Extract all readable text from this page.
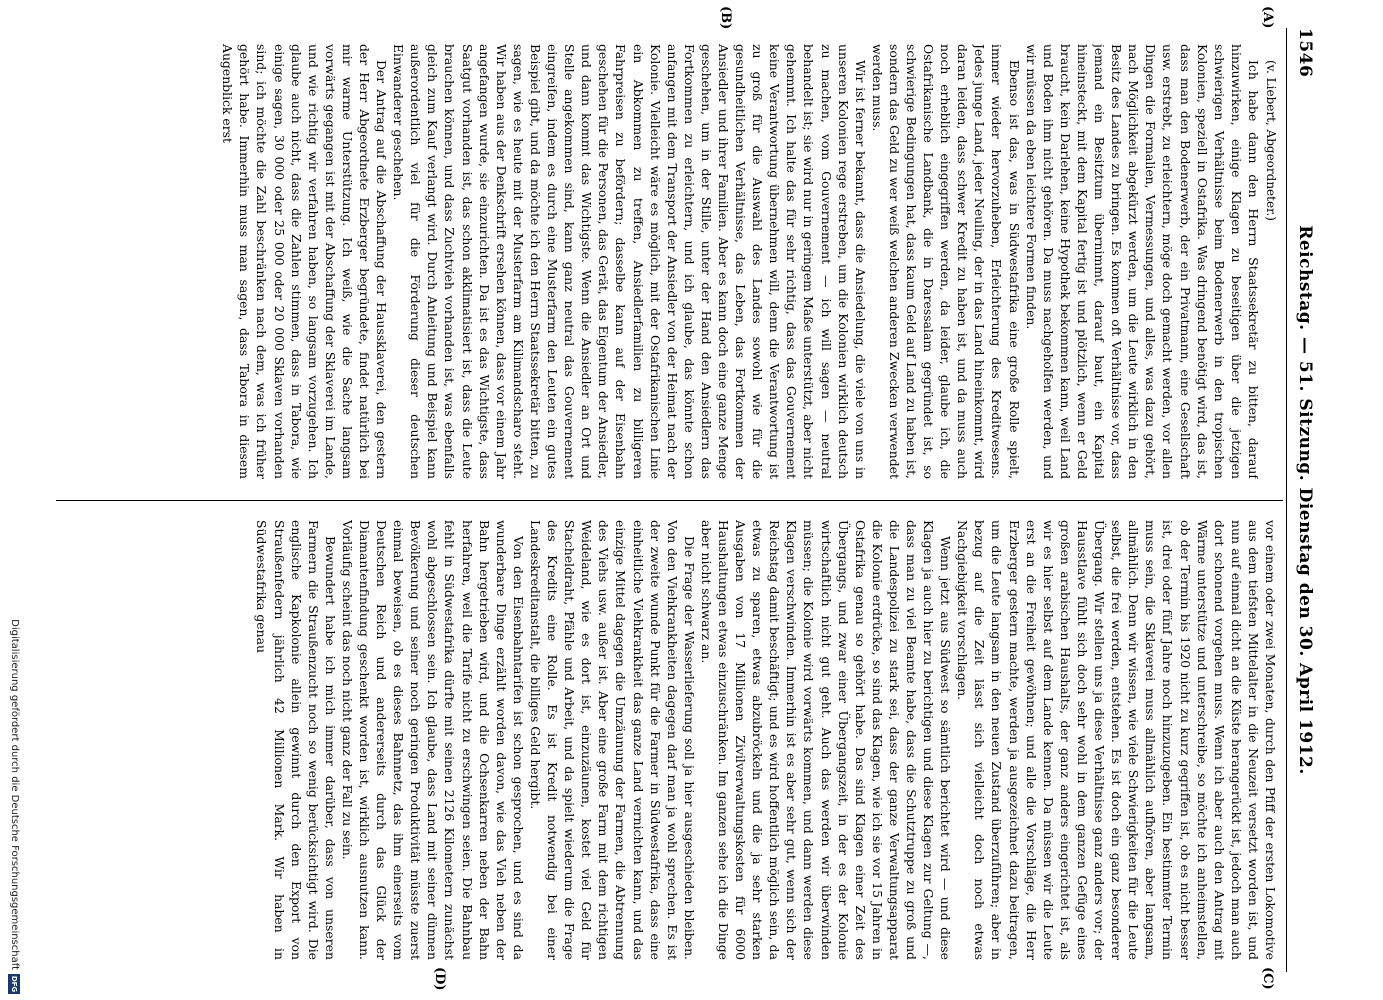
1546
Reichstag. — 51. Sitzung. Dienstag den 30. April 1912.
(A)
(B)
(C)
(D)

(v. Liebert, Abgeordneter.)

Ich habe dann den Herrn Staatssekretär zu bitten, darauf hinzuwirken, einige Klagen zu beseitigen über die jetzigen schwierigen Verhältnisse beim Bodenerwerb in den tropischen Kolonien, speziell in Ostafrika. Was dringend benötigt wird, das ist, dass man den Bodenerwerb, der ein Privatmann, eine Gesellschaft usw. erstrebt, zu erleichtern, möge doch gemacht werden, vor allen Dingen die Formalien, Vermessungen, und alles, was dazu gehört, nach Möglichkeit abgekürzt werden, um die Leute wirklich in den Besitz des Landes zu bringen. Es kommen oft Verhältnisse vor, dass jemand ein Besitztum übernimmt, darauf baut, ein Kapital hineinsteckt, mit dem Kapital fertig ist und plötzlich, wenn er Geld braucht, kein Darlehen, keine Hypothek bekommen kann, weil Land und Boden ihm nicht gehören. Da muss nachgeholfen werden, und wir müssen da eben leichtere Formen finden.

Ebenso ist das, was in Südwestafrika eine große Rolle spielt, immer wieder hervorzuheben, Erleichterung des Kreditwesens. Jedes junge Land, jeder Neuling, der in das Land hineinkommt, wird daran leiden, dass schwer Kredit zu haben ist, und da muss auch noch erheblich eingegriffen werden, da leider, glaube ich, die Ostafrikanische Landbank, die in Daressalam gegründet ist, so schwierige Bedingungen hat, dass kaum Geld auf Land zu haben ist, sondern das Geld zu wer weiß welchen anderen Zwecken verwendet werden muss.

Wir ist ferner bekannt, dass die Ansiedelung, die viele von uns in unseren Kolonien rege erstreben, um die Kolonien wirklich deutsch zu machen, vom Gouvernement — ich will sagen — neutral behandelt ist; sie wird nur in geringem Maße unterstützt, aber nicht gehemmt. Ich halte das für sehr richtig, dass das Gouvernement keine Verantwortung übernehmen will, denn die Verantwortung ist zu groß für die Auswahl des Landes sowohl wie für die gesundheitlichen Verhältnisse, das Leben, das Fortkommen der Ansiedler und ihrer Familien. Aber es kann doch eine ganze Menge geschehen, um in der Stille, unter der Hand den Ansiedlern das Fortkommen zu erleichtern, und ich glaube, das könnte schon anfangen mit dem Transport der Ansiedler von der Heimat nach der Kolonie. Vielleicht wäre es möglich, mit der Ostafrikanischen Linie ein Abkommen zu treffen, Ansiedlerfamilien zu billigeren Fahrpreisen zu befördern; dasselbe kann auf der Eisenbahn geschehen für die Personen, das Gerät, das Eigentum der Ansiedler, und dann kommt das Wichtigste. Wenn die Ansiedler an Ort und Stelle angekommen sind, kann ganz neutral das Gouvernement eingreifen, indem es durch eine Musterfarm den Leuten ein gutes Beispiel gibt, und da möchte ich den Herrn Staatssekretär bitten, zu sagen, wie es heute mit der Musterfarm am Kilimandscharo steht. Wir haben aus der Denkschrift ersehen können, dass vor einem Jahr angefangen wurde, sie einzurichten. Da ist es das Wichtigste, dass Saatgut vorhanden ist, das schon akklimatisiert ist, dass die Leute brauchen können, und dass Zuchtvieh vorhanden ist, was ebenfalls gleich zum Kauf verlangt wird. Durch Anleitung und Beispiel kann außerordentlich viel für die Förderung dieser deutschen Einwanderer geschehen.

Der Antrag auf die Abschaffung der Haussklaverei, den gestern der Herr Abgeordnete Erzberger begründete, findet natürlich bei mir warme Unterstützung. Ich weiß, wie die Sache langsam vorwärts gegangen ist mit der Abschaffung der Sklaverei im Lande, und wie richtig wir verfahren haben, so langsam vorzugehen. Ich glaube auch nicht, dass die Zahlen stimmen, dass in Tabora, wie einige sagen, 30 000 oder 25 000 oder 20 000 Sklaven vorhanden sind; ich möchte die Zahl beschränken nach dem, was ich früher gehört habe. Immerhin muss man sagen, dass Tabora in diesem Augenblick erst

vor einem oder zwei Monaten, durch den Pfiff der ersten Lokomotive aus dem tiefsten Mittelalter in die Neuzeit versetzt worden ist, und nun auf einmal dicht an die Küste herangerückt ist, jedoch man auch dort schonend vorgehen muss. Wenn ich aber auch den Antrag mit Wärme unterstütze und unterschreibe, so möchte ich anheimstellen, ob der Termin bis 1920 nicht zu kurz gegriffen ist, ob es nicht besser ist, drei oder fünf Jahre noch hinzuzugeben. Ein bestimmter Termin muss sein, die Sklaverei muss allmählich aufhören, aber langsam, allmählich. Denn wir wissen, wie viele Schwierigkeiten für die Leute selbst, die frei werden, entstehen. Es ist doch ein ganz besonderer Übergang. Wir stellen uns ja diese Verhältnisse ganz anders vor; der Hausstlave fühlt sich doch sehr wohl in dem ganzen Gefüge eines großen arabischen Haushalts, der ganz anders eingerichtet ist, als wir es hier selbst auf dem Lande kennen. Da müssen wir die Leute erst an die Freiheit gewöhnen; und alle die Vorschläge, die Herr Erzberger gestern machte, werden ja ausgezeichnet dazu beitragen, um die Leute langsam in den neuen Zustand überzuführen; aber in bezug auf die Zeit lässt sich vielleicht doch noch etwas Nachgiebigkeit vorschlagen.

Wenn jetzt aus Südwest so sämtlich berichtet wird — und diese Klagen ja auch hier zu berichtigen und diese Klagen zur Geltung —, dass man zu viel Beamte habe, dass die Schutztruppe zu groß und die Landespolizei zu stark sei, dass der ganze Verwaltungsapparat die Kolonie erdrücke, so sind das Klagen, wie ich sie vor 15 Jahren in Ostafrika genau so gehört habe. Das sind Klagen einer Zeit des Übergangs, und zwar einer Übergangszeit, in der es der Kolonie wirtschaftlich nicht gut geht. Auch das werden wir überwinden müssen; die Kolonie wird vorwärts kommen, und dann werden diese Klagen verschwinden. Immerhin ist es aber sehr gut, wenn sich der Reichstag damit beschäftigt; und es wird hoffentlich möglich sein, da etwas zu sparen, etwas abzubröckeln und die ja sehr starken Ausgaben von 17 Millionen Zivilverwaltungskosten für 6000 Haushaltungen etwas einzuschränken. Im ganzen sehe ich die Dinge aber nicht schwarz an.

Die Frage der Wasserlieferung soll ja hier ausgeschieden bleiben. Von den Viehkrankheiten dagegen darf man ja wohl sprechen. Es ist der zweite wunde Punkt für die Farmer in Südwestafrika, dass eine einheitliche Viehkrankheit das ganze Land vernichten kann, und das einzige Mittel dagegen die Umzäunung der Farmen, die Abtrennung des Viehs usw. außer ist. Aber eine große Farm mit dem richtigen Weideland, wie es dort ist, einzuzäunen, kostet viel Geld für Stacheldraht, Pfähle und Arbeit, und da spielt wiederum die Frage des Kredits eine Rolle. Es ist Kredit notwendig bei einer Landeskreditanstalt, die billiges Geld hergibt.

Von den Eisenbahntarifen ist schon gesprochen, und es sind da wunderbare Dinge erzählt worden davon, wie das Vieh neben der Bahn hergetrieben wird, und die Ochsenkarren neben der Bahn herfahren, weil die Tarife nicht zu erschwingen seien. Die Bahnbau fehlt in Südwestafrika dürfte mit seinen 2126 Kilometern zunächst wohl abgeschlossen sein. Ich glaube, dass Land mit seiner dünnen Bevölkerung und seiner noch geringen Produktivität müsste zuerst einmal beweisen, ob es dieses Bahnnetz, das ihm einerseits vom Deutschen Reich und andererseits durch das Glück der Diamantenfindung geschenkt worden ist, wirklich ausnutzen kann. Vorläufig scheint das noch nicht ganz der Fall zu sein.

Bewundert habe ich mich immer darüber, dass von unseren Farmern die Straußenzucht noch so wenig berücksichtigt wird. Die englische Kapkolonie allein gewinnt durch den Export von Straußenfedern jährlich 42 Millionen Mark. Wir haben in Südwestafrika genau

Digitalisierung gefördert durch die Deutsche Forschungsgemeinschaft
DFG
